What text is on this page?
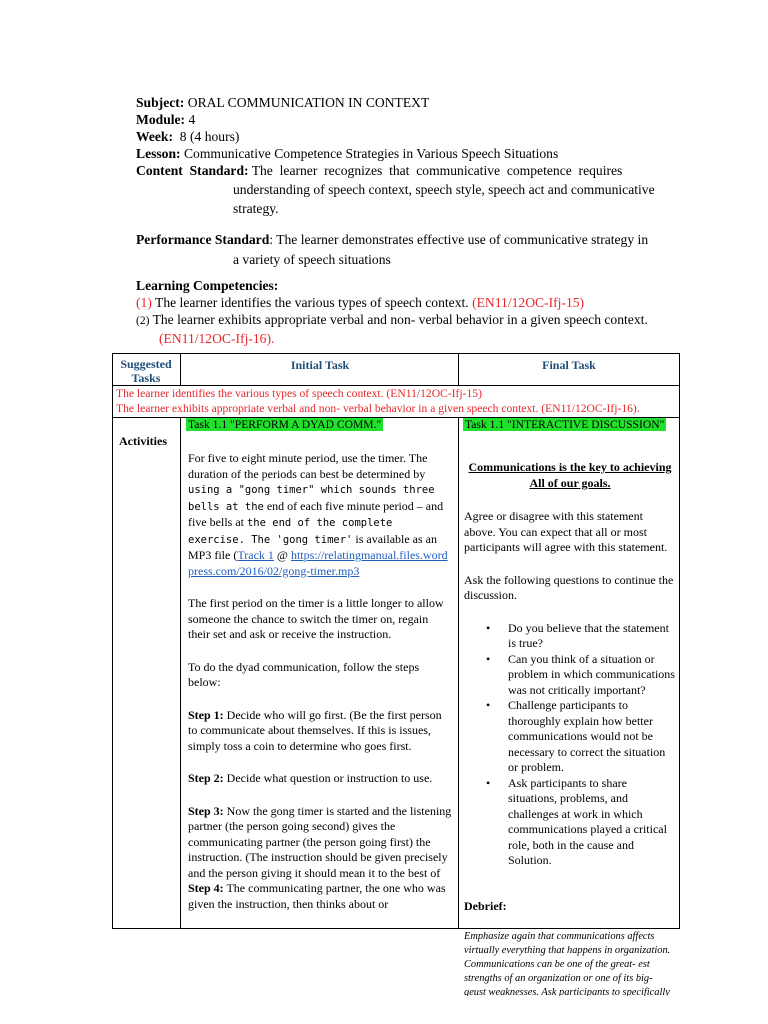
Subject: ORAL COMMUNICATION IN CONTEXT
Module: 4
Week: 8 (4 hours)
Lesson: Communicative Competence Strategies in Various Speech Situations
Content  Standard: The  learner  recognizes  that  communicative  competence  requires
understanding of speech context, speech style, speech act and communicative
strategy.
Performance Standard: The learner demonstrates effective use of communicative strategy in
a variety of speech situations
Learning Competencies:
(1) The learner identifies the various types of speech context. (EN11/12OC-Ifj-15)
(2) The learner exhibits appropriate verbal and non- verbal behavior in a given speech context.
(EN11/12OC-Ifj-16).
Suggested Tasks
Initial Task	Final Task
The learner identifies the various types of speech context. (EN11/12OC-Ifj-15)
The learner exhibits appropriate verbal and non- verbal behavior in a given speech context. (EN11/12OC-Ifj-16).
Activities
Task 1.1 "PERFORM A DYAD COMM."
For five to eight minute period, use the timer. The duration of the periods can best be determined by using a "gong timer" which sounds three bells at the end of each five minute period – and five bells at the end of the complete exercise. The 'gong timer' is available as an MP3 file (Track 1 @ https://relatingmanual.files.wordpress.com/2016/02/gong-timer.mp3
The first period on the timer is a little longer to allow someone the chance to switch the timer on, regain their set and ask or receive the instruction.
To do the dyad communication, follow the steps below:
Step 1: Decide who will go first. (Be the first person to communicate about themselves. If this is issues, simply toss a coin to determine who goes first.
Step 2: Decide what question or instruction to use.
Step 3: Now the gong timer is started and the listening partner (the person going second) gives the communicating partner (the person going first) the instruction. (The instruction should be given precisely and the person giving it should mean it to the best of
Step 4: The communicating partner, the one who was given the instruction, then thinks about or
Task 1.1 "INTERACTIVE DISCUSSION"
Communications is the key to achieving
All of our goals.
Agree or disagree with this statement above. You can expect that all or most participants will agree with this statement.
Ask the following questions to continue the discussion.
• Do you believe that the statement is true?
• Can you think of a situation or problem in which communications was not critically important?
• Challenge participants to thoroughly explain how better communications would not be necessary to correct the situation or problem.
• Ask participants to share situations, problems, and challenges at work in which communications played a critical role, both in the cause and Solution.
Debrief:
Emphasize again that communications affects virtually everything that happens in organization. Communications can be one of the great- est strengths of an organization or one of its big- geust weaknesses. Ask participants to specifically
